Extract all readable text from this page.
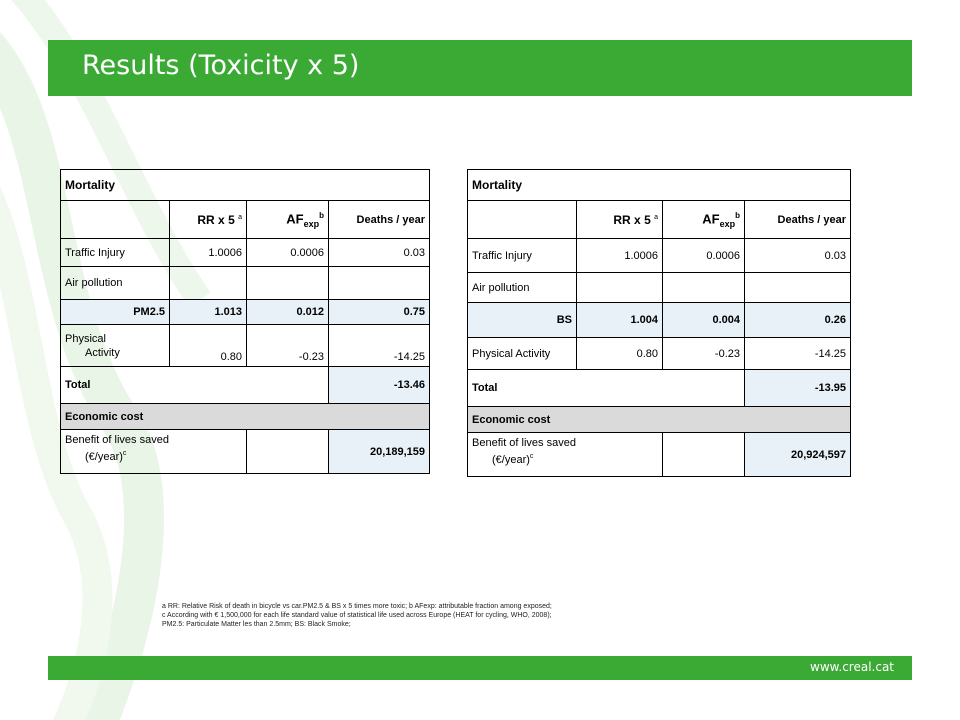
Results (Toxicity x 5)
Mortality			
	RR x 5 $^a$	$AF_{exp}^b$	Deaths / year
Traffic Injury	1.0006	0.0006	0.03
Air pollution			
PM2.5	1.013	0.012	0.75
Physical
Activity	0.80	-0.23	-14.25
Total			-13.46
Economic cost			
Benefit of lives saved
(€/year)$^c$			20,189,159
Mortality			
	RR x 5 $^a$	$AF_{exp}^b$	Deaths / year
Traffic Injury	1.0006	0.0006	0.03
Air pollution			
BS	1.004	0.004	0.26
Physical Activity	0.80	-0.23	-14.25
Total			-13.95
Economic cost			
Benefit of lives saved
(€/year)$^c$			20,924,597
a RR: Relative Risk of death in bicycle vs car.PM2.5 & BS x 5 times more toxic; b AFexp: attributable fraction among exposed;
c According with € 1,500,000 for each life standard value of statistical life used across Europe (HEAT for cycling, WHO, 2008);
PM2.5: Particulate Matter les than 2.5mm; BS: Black Smoke;
www.creal.cat
